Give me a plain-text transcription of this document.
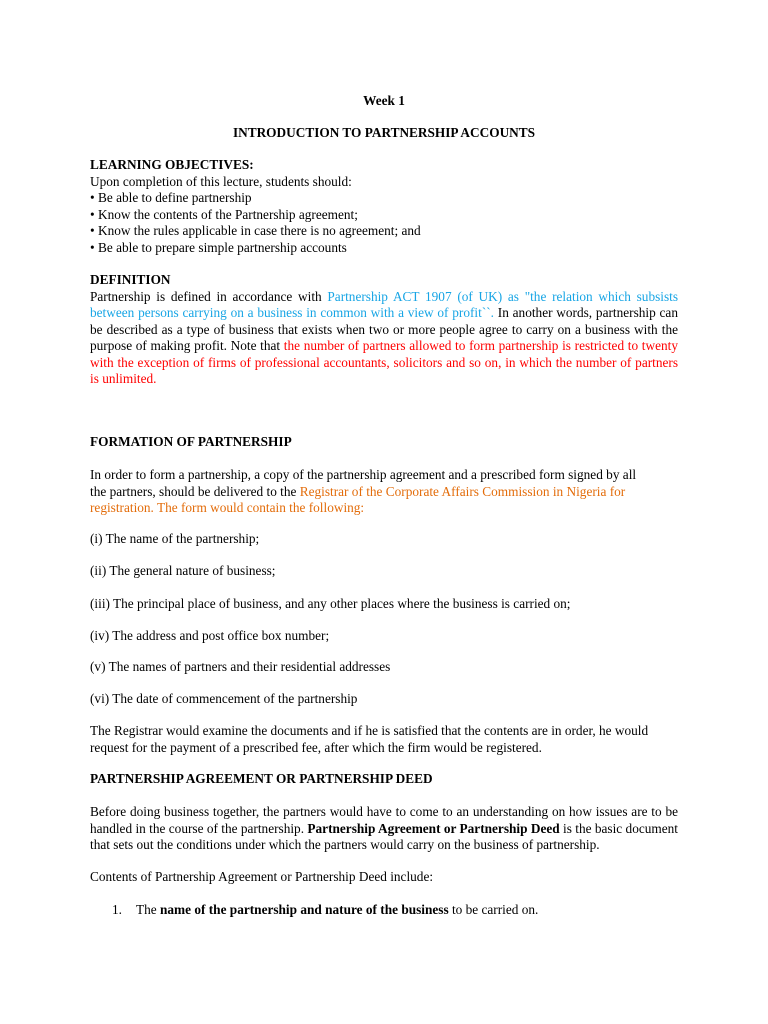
Week 1
INTRODUCTION TO PARTNERSHIP ACCOUNTS
LEARNING OBJECTIVES:
Upon completion of this lecture, students should:
• Be able to define partnership
• Know the contents of the Partnership agreement;
• Know the rules applicable in case there is no agreement; and
• Be able to prepare simple partnership accounts
DEFINITION

Partnership is defined in accordance with Partnership ACT 1907 (of UK) as "the relation which subsists between persons carrying on a business in common with a view of profit``. In another words, partnership can be described as a type of business that exists when two or more people agree to carry on a business with the purpose of making profit. Note that the number of partners allowed to form partnership is restricted to twenty with the exception of firms of professional accountants, solicitors and so on, in which the number of partners is unlimited.

FORMATION OF PARTNERSHIP
In order to form a partnership, a copy of the partnership agreement and a prescribed form signed by all
the partners, should be delivered to the Registrar of the Corporate Affairs Commission in Nigeria for
registration. The form would contain the following:
(i) The name of the partnership;
(ii) The general nature of business;
(iii) The principal place of business, and any other places where the business is carried on;
(iv) The address and post office box number;
(v) The names of partners and their residential addresses
(vi) The date of commencement of the partnership
The Registrar would examine the documents and if he is satisfied that the contents are in order, he would
request for the payment of a prescribed fee, after which the firm would be registered.
PARTNERSHIP AGREEMENT OR PARTNERSHIP DEED

Before doing business together, the partners would have to come to an understanding on how issues are to be handled in the course of the partnership. Partnership Agreement or Partnership Deed is the basic document that sets out the conditions under which the partners would carry on the business of partnership.

Contents of Partnership Agreement or Partnership Deed include:
1. The name of the partnership and nature of the business to be carried on.
